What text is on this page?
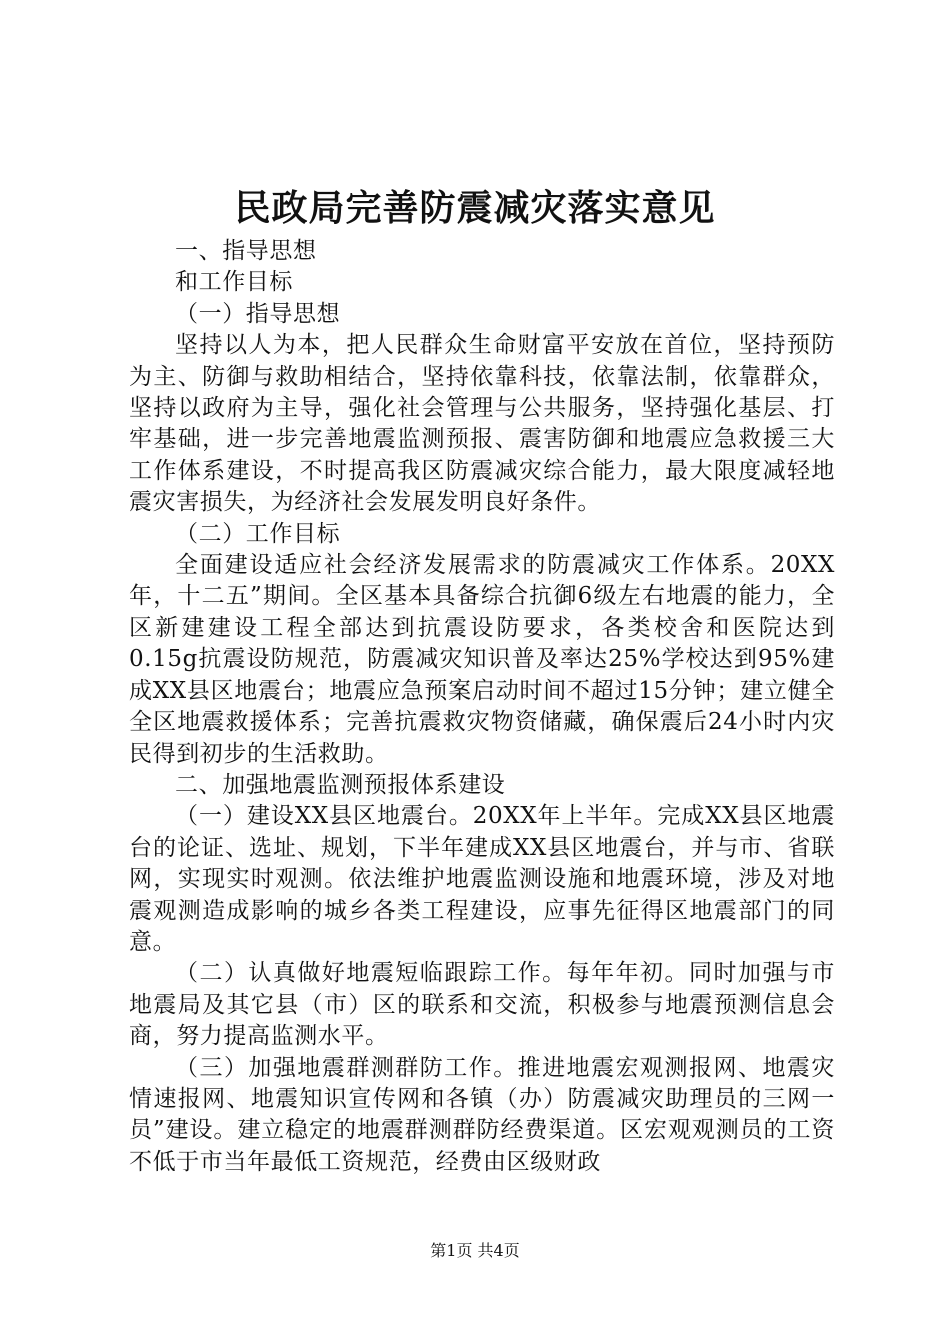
民政局完善防震减灾落实意见
一、指导思想
和工作目标
（一）指导思想

坚持以人为本，把人民群众生命财富平安放在首位，坚持预防为主、防御与救助相结合，坚持依靠科技，依靠法制，依靠群众，坚持以政府为主导，强化社会管理与公共服务，坚持强化基层、打牢基础，进一步完善地震监测预报、震害防御和地震应急救援三大工作体系建设，不时提高我区防震减灾综合能力，最大限度减轻地震灾害损失，为经济社会发展发明良好条件。

（二）工作目标

全面建设适应社会经济发展需求的防震减灾工作体系。20XX年，十二五”期间。全区基本具备综合抗御6级左右地震的能力，全区新建建设工程全部达到抗震设防要求，各类校舍和医院达到0.15g抗震设防规范，防震减灾知识普及率达25%学校达到95%建成XX县区地震台；地震应急预案启动时间不超过15分钟；建立健全全区地震救援体系；完善抗震救灾物资储藏，确保震后24小时内灾民得到初步的生活救助。

二、加强地震监测预报体系建设

（一）建设XX县区地震台。20XX年上半年。完成XX县区地震台的论证、选址、规划，下半年建成XX县区地震台，并与市、省联网，实现实时观测。依法维护地震监测设施和地震环境，涉及对地震观测造成影响的城乡各类工程建设，应事先征得区地震部门的同意。

（二）认真做好地震短临跟踪工作。每年年初。同时加强与市地震局及其它县（市）区的联系和交流，积极参与地震预测信息会商，努力提高监测水平。

（三）加强地震群测群防工作。推进地震宏观测报网、地震灾情速报网、地震知识宣传网和各镇（办）防震减灾助理员的三网一员”建设。建立稳定的地震群测群防经费渠道。区宏观观测员的工资不低于市当年最低工资规范，经费由区级财政

第1页 共4页
